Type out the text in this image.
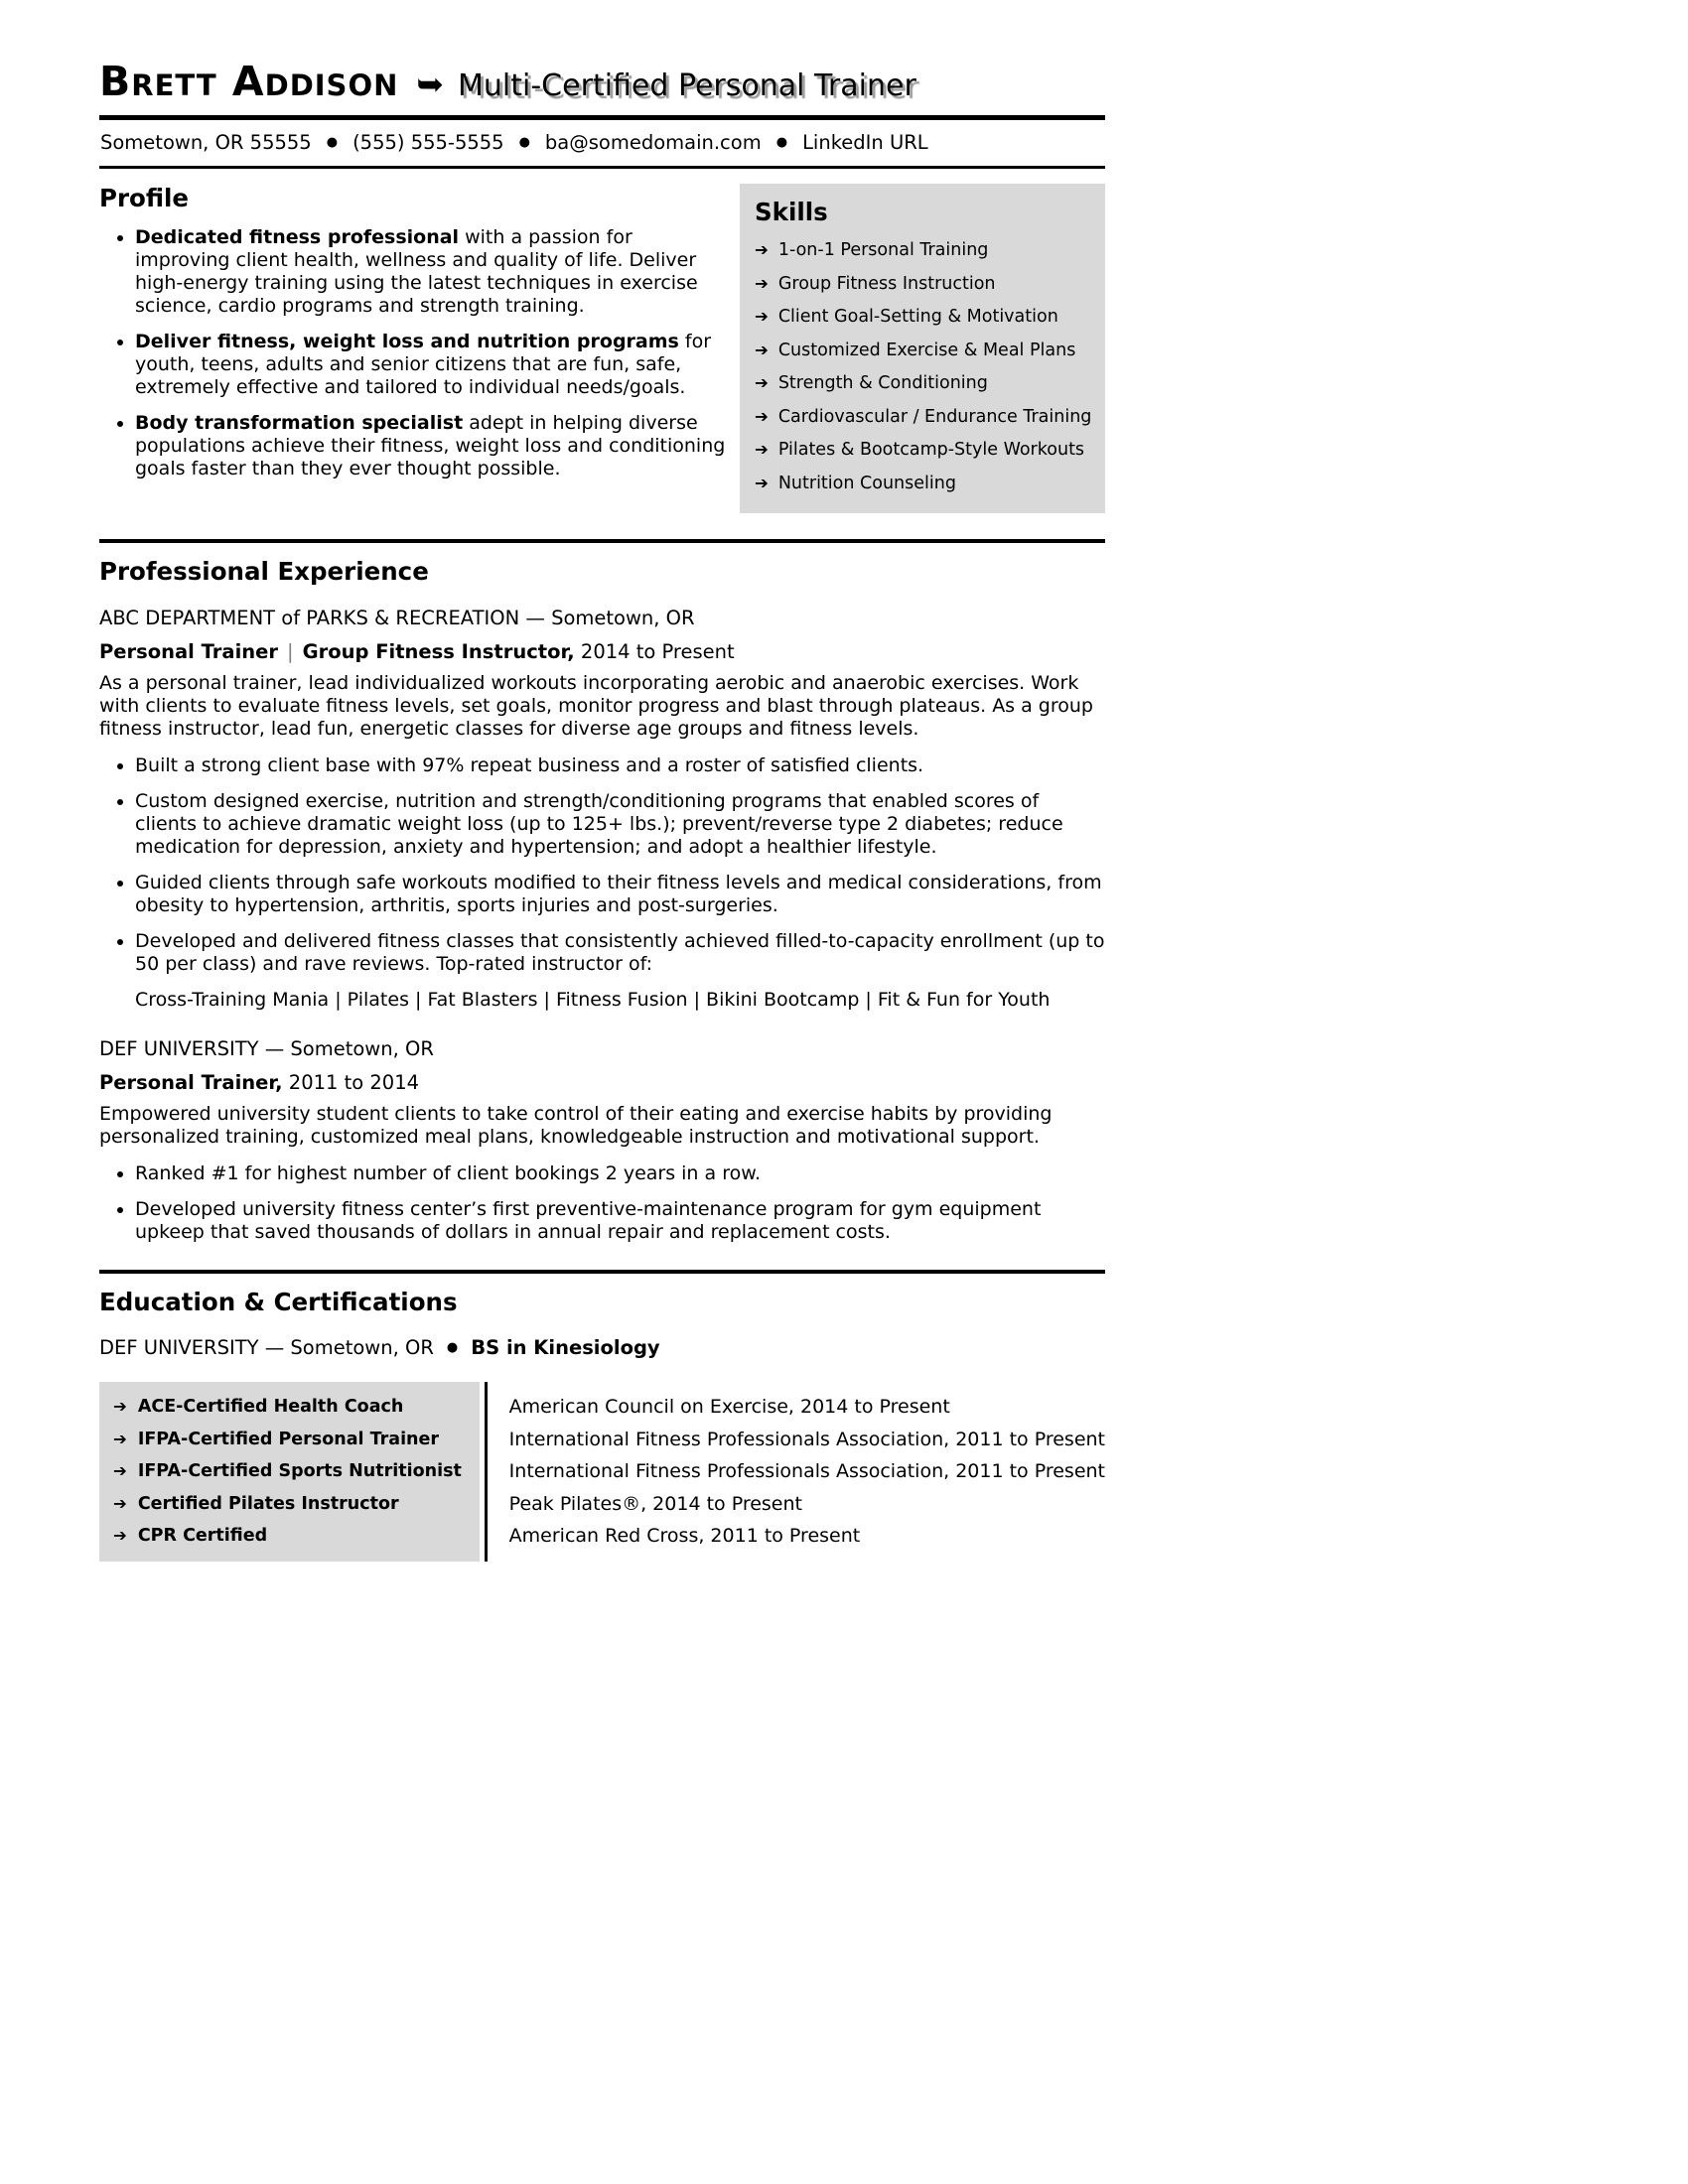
Brett Addison ➥ Multi-Certified Personal Trainer
Sometown, OR 55555 ● (555) 555-5555 ● ba@somedomain.com ● LinkedIn URL
Profile
• Dedicated fitness professional with a passion for improving client health, wellness and quality of life. Deliver high-energy training using the latest techniques in exercise science, cardio programs and strength training.
• Deliver fitness, weight loss and nutrition programs for youth, teens, adults and senior citizens that are fun, safe, extremely effective and tailored to individual needs/goals.
• Body transformation specialist adept in helping diverse populations achieve their fitness, weight loss and conditioning goals faster than they ever thought possible.
Skills
➔ 1-on-1 Personal Training
➔ Group Fitness Instruction
➔ Client Goal-Setting & Motivation
➔ Customized Exercise & Meal Plans
➔ Strength & Conditioning
➔ Cardiovascular / Endurance Training
➔ Pilates & Bootcamp-Style Workouts
➔ Nutrition Counseling
Professional Experience
ABC DEPARTMENT of PARKS & RECREATION — Sometown, OR
Personal Trainer | Group Fitness Instructor, 2014 to Present

As a personal trainer, lead individualized workouts incorporating aerobic and anaerobic exercises. Work with clients to evaluate fitness levels, set goals, monitor progress and blast through plateaus. As a group fitness instructor, lead fun, energetic classes for diverse age groups and fitness levels.

• Built a strong client base with 97% repeat business and a roster of satisfied clients.
• Custom designed exercise, nutrition and strength/conditioning programs that enabled scores of clients to achieve dramatic weight loss (up to 125+ lbs.); prevent/reverse type 2 diabetes; reduce medication for depression, anxiety and hypertension; and adopt a healthier lifestyle.
• Guided clients through safe workouts modified to their fitness levels and medical considerations, from obesity to hypertension, arthritis, sports injuries and post-surgeries.
• Developed and delivered fitness classes that consistently achieved filled-to-capacity enrollment (up to 50 per class) and rave reviews. Top-rated instructor of:
Cross-Training Mania | Pilates | Fat Blasters | Fitness Fusion | Bikini Bootcamp | Fit & Fun for Youth
DEF UNIVERSITY — Sometown, OR
Personal Trainer, 2011 to 2014

Empowered university student clients to take control of their eating and exercise habits by providing personalized training, customized meal plans, knowledgeable instruction and motivational support.

• Ranked #1 for highest number of client bookings 2 years in a row.
• Developed university fitness center’s first preventive-maintenance program for gym equipment upkeep that saved thousands of dollars in annual repair and replacement costs.
Education & Certifications
DEF UNIVERSITY — Sometown, OR ● BS in Kinesiology
➔ ACE-Certified Health Coach
➔ IFPA-Certified Personal Trainer
➔ IFPA-Certified Sports Nutritionist
➔ Certified Pilates Instructor
➔ CPR Certified
American Council on Exercise, 2014 to Present
International Fitness Professionals Association, 2011 to Present
International Fitness Professionals Association, 2011 to Present
Peak Pilates®, 2014 to Present
American Red Cross, 2011 to Present
